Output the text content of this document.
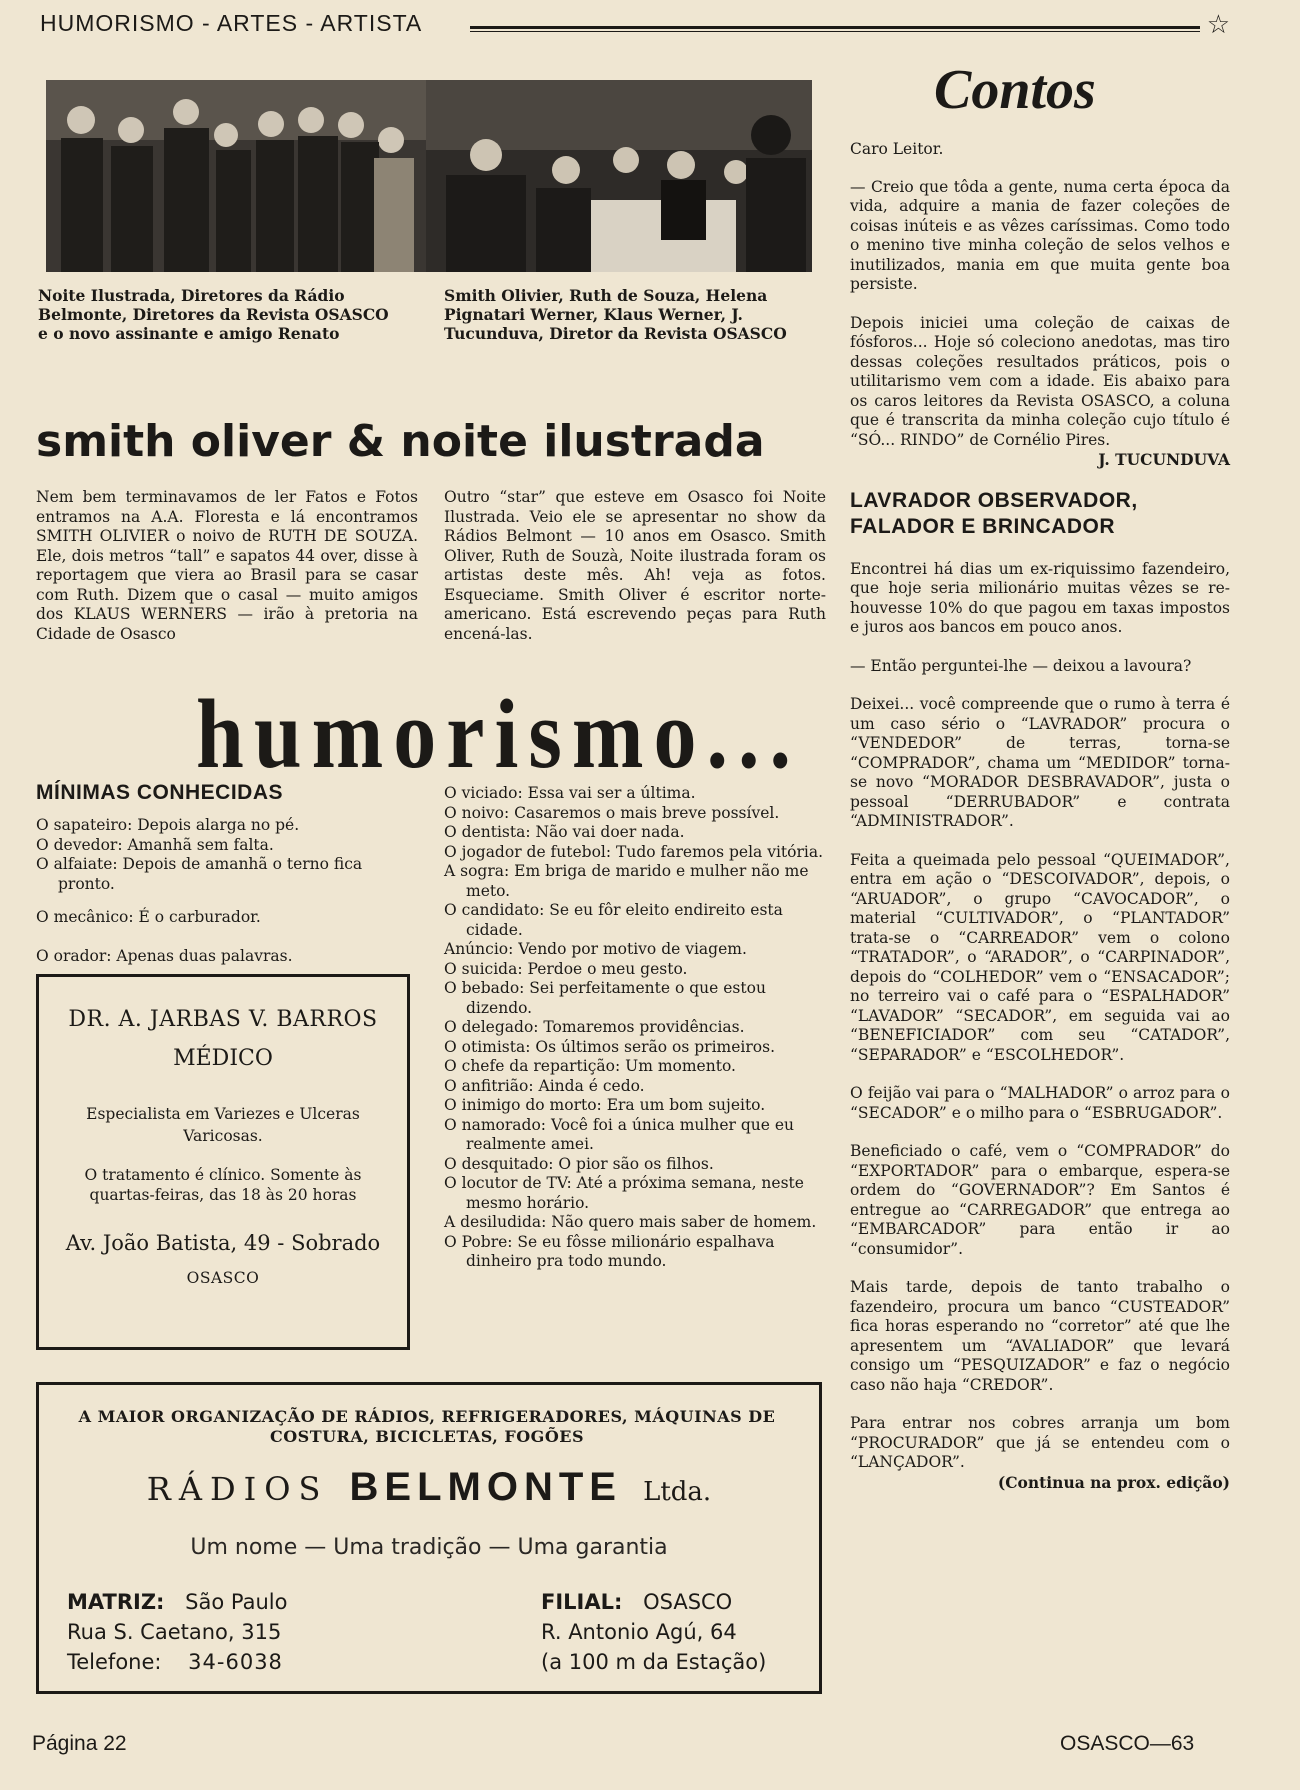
HUMORISMO - ARTES - ARTISTA	☆
Noite Ilustrada, Diretores da Rádio Belmonte, Diretores da Revista OSASCO e o novo assinante e amigo Renato
Smith Olivier, Ruth de Souza, Helena Pignatari Werner, Klaus Werner, J. Tucunduva, Diretor da Revista OSASCO
Contos
smith oliver & noite ilustrada
Nem bem terminavamos de ler Fatos e Fotos entramos na A.A. Floresta e lá encontramos SMITH OLIVIER o noivo de RUTH DE SOUZA. Ele, dois metros “tall” e sapatos 44 over, disse à reportagem que viera ao Brasil para se casar com Ruth. Dizem que o casal — muito amigos dos KLAUS WERNERS — irão à pretoria na Cidade de Osasco
Outro “star” que esteve em Osasco foi Noite Ilustrada. Veio ele se apresentar no show da Rádios Belmont — 10 anos em Osasco. Smith Oliver, Ruth de Souzà, Noite ilustrada foram os artistas deste mês. Ah! veja as fotos. Esqueciame. Smith Oliver é escritor norte-americano. Está escrevendo peças para Ruth encená-las.
humorismo...
MÍNIMAS CONHECIDAS
O sapateiro: Depois alarga no pé.
O devedor: Amanhã sem falta.
O alfaiate: Depois de amanhã o terno fica pronto.
O mecânico: É o carburador.
O orador: Apenas duas palavras.
O viciado: Essa vai ser a última.
O noivo: Casaremos o mais breve possível.
O dentista: Não vai doer nada.
O jogador de futebol: Tudo faremos pela vitória.
A sogra: Em briga de marido e mulher não me meto.
O candidato: Se eu fôr eleito endireito esta cidade.
Anúncio: Vendo por motivo de viagem.
O suicida: Perdoe o meu gesto.
O bebado: Sei perfeitamente o que estou dizendo.
O delegado: Tomaremos providências.
O otimista: Os últimos serão os primeiros.
O chefe da repartição: Um momento.
O anfitrião: Ainda é cedo.
O inimigo do morto: Era um bom sujeito.
O namorado: Você foi a única mulher que eu realmente amei.
O desquitado: O pior são os filhos.
O locutor de TV: Até a próxima semana, neste mesmo horário.
A desiludida: Não quero mais saber de homem.
O Pobre: Se eu fôsse milionário espalhava dinheiro pra todo mundo.
DR. A. JARBAS V. BARROS
MÉDICO
Especialista em Variezes e Ulceras Varicosas.
O tratamento é clínico. Somente às quartas-feiras, das 18 às 20 horas
Av. João Batista, 49 - Sobrado
OSASCO
A MAIOR ORGANIZAÇÃO DE RÁDIOS, REFRIGERADORES, MÁQUINAS DE COSTURA, BICICLETAS, FOGÕES
RÁDIOS BELMONTE Ltda.
Um nome — Uma tradição — Uma garantia
MATRIZ: São Paulo
Rua S. Caetano, 315
Telefone: 34-6038
FILIAL: OSASCO
R. Antonio Agú, 64
(a 100 m da Estação)

Caro Leitor.

— Creio que tôda a gente, numa certa época da vida, adquire a mania de fazer coleções de coisas inúteis e as vêzes caríssimas. Como todo o menino tive minha coleção de selos velhos e inutilizados, mania em que muita gente boa persiste.

Depois iniciei uma coleção de caixas de fósforos... Hoje só coleciono anedotas, mas tiro dessas coleções resultados práticos, pois o utilitarismo vem com a idade. Eis abaixo para os caros leitores da Revista OSASCO, a coluna que é transcrita da minha coleção cujo título é “SÓ... RINDO” de Cornélio Pires.

J. TUCUNDUVA
LAVRADOR OBSERVADOR, FALADOR E BRINCADOR

Encontrei há dias um ex-riquissimo fazendeiro, que hoje seria milionário muitas vêzes se re-houvesse 10% do que pagou em taxas impostos e juros aos bancos em pouco anos.

— Então perguntei-lhe — deixou a lavoura?

Deixei... você compreende que o rumo à terra é um caso sério o “LAVRADOR” procura o “VENDEDOR” de terras, torna-se “COMPRADOR”, chama um “MEDIDOR” torna-se novo “MORADOR DESBRAVADOR”, justa o pessoal “DERRUBADOR” e contrata “ADMINISTRADOR”.

Feita a queimada pelo pessoal “QUEIMADOR”, entra em ação o “DESCOIVADOR”, depois, o “ARUADOR”, o grupo “CAVOCADOR”, o material “CULTIVADOR”, o “PLANTADOR” trata-se o “CARREADOR” vem o colono “TRATADOR”, o “ARADOR”, o “CARPINADOR”, depois do “COLHEDOR” vem o “ENSACADOR”; no terreiro vai o café para o “ESPALHADOR” “LAVADOR” “SECADOR”, em seguida vai ao “BENEFICIADOR” com seu “CATADOR”, “SEPARADOR” e “ESCOLHEDOR”.

O feijão vai para o “MALHADOR” o arroz para o “SECADOR” e o milho para o “ESBRUGADOR”.

Beneficiado o café, vem o “COMPRADOR” do “EXPORTADOR” para o embarque, espera-se ordem do “GOVERNADOR”? Em Santos é entregue ao “CARREGADOR” que entrega ao “EMBARCADOR” para então ir ao “consumidor”.

Mais tarde, depois de tanto trabalho o fazendeiro, procura um banco “CUSTEADOR” fica horas esperando no “corretor” até que lhe apresentem um “AVALIADOR” que levará consigo um “PESQUIZADOR” e faz o negócio caso não haja “CREDOR”.

Para entrar nos cobres arranja um bom “PROCURADOR” que já se entendeu com o “LANÇADOR”.

(Continua na prox. edição)
Página 22	OSASCO—63
